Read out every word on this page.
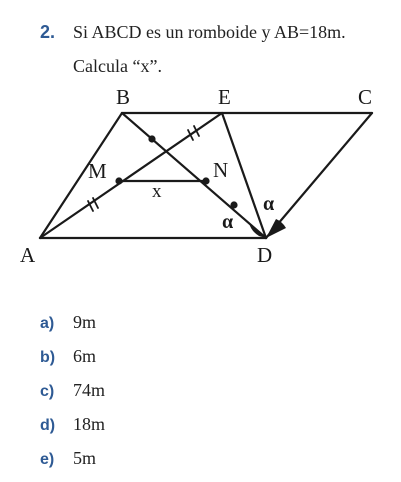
2. Si ABCD es un romboide y AB=18m.
Calcula “x”.
B	E	C
M	N
x
α
α
A	D
a)	9m
b) 6m
c)	74m
d) 18m
e)	5m
